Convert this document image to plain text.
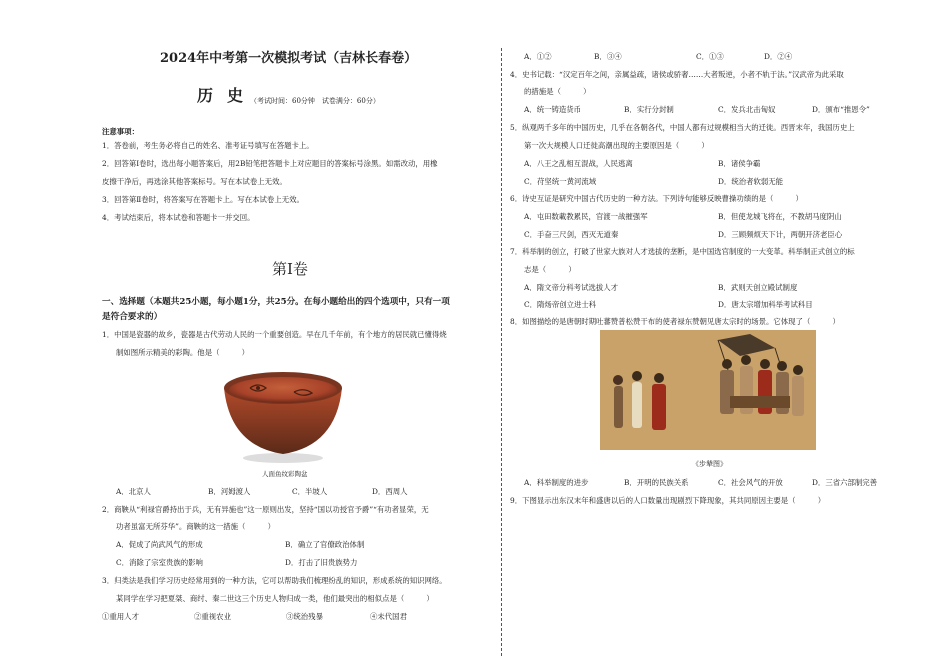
2024年中考第一次模拟考试（吉林长春卷）
历史
（考试时间：60分钟　试卷满分：60分）
注意事项：
1．答卷前，考生务必将自己的姓名、准考证号填写在答题卡上。
2．回答第Ⅰ卷时，选出每小题答案后，用2B铅笔把答题卡上对应题目的答案标号涂黑。如需改动，用橡
皮擦干净后，再选涂其他答案标号。写在本试卷上无效。
3．回答第Ⅱ卷时，将答案写在答题卡上。写在本试卷上无效。
4．考试结束后，将本试卷和答题卡一并交回。
第Ⅰ卷
一、选择题（本题共25小题，每小题1分，共25分。在每小题给出的四个选项中，只有一项
是符合要求的）
1．中国是瓷器的故乡，瓷器是古代劳动人民的一个重要创造。早在几千年前，有个地方的居民就已懂得烧
制如图所示精美的彩陶。他是（　　　）
人面鱼纹彩陶盆
A．北京人	B．河姆渡人	C．半坡人	D．西周人
2．商鞅从“利禄官爵持出于兵，无有异施也”这一原则出发，坚持“国以功授官予爵”“有功者显荣，无
功者虽富无所芬华”。商鞅的这一措施（　　　）
A．促成了尚武风气的形成	B．确立了官僚政治体制
C．消除了宗室贵族的影响	D．打击了旧贵族势力
3．归类法是我们学习历史经常用到的一种方法，它可以帮助我们梳理纷乱的知识，形成系统的知识网络。
某同学在学习把夏桀、商纣、秦二世这三个历史人物归成一类，他们最突出的相似点是（　　　）
①重用人才	②重视农业	③统治残暴	④未代国君
A．①②	B．③④	C．①③	D．②④
4．史书记载：“汉定百年之间，亲属益疏，诸侯或骄奢……大者叛逆，小者不轨于法。”汉武帝为此采取
的措施是（　　　）
A．统一铸造货币	B．实行分封制	C．发兵北击匈奴	D．颁布“推恩令”
5．纵观两千多年的中国历史，几乎在各朝各代，中国人都有过规模相当大的迁徙。西晋末年，我国历史上
第一次大规模人口迁徙高潮出现的主要原因是（　　　）
A．八王之乱相互混战，人民逃离	B．诸侯争霸
C．苻坚统一黄河流域	D．统治者软弱无能
6．诗史互证是研究中国古代历史的一种方法。下列诗句能够反映曹操功绩的是（　　　）
A．屯田数載教累民，官渡一战摧强军	B．但使龙城飞将在，不教胡马度阴山
C．手奋三尺剑，西灭无道秦	D．三顾频烦天下计，两朝开济老臣心
7．科举制的创立，打破了世家大族对人才选拔的垄断，是中国选官制度的一大变革。科举制正式创立的标
志是（　　　）
A．隋文帝分科考试选拔人才	B．武则天创立殿试制度
C．隋炀帝创立进士科	D．唐太宗增加科举考试科目
8．如图描绘的是唐朝时期吐蕃赞普松赞干布的使者禄东赞朝见唐太宗时的场景。它体现了（　　　）
《步辇图》
A．科举制度的进步	B．开明的民族关系	C．社会风气的开放	D．三省六部制完善
9．下图显示出东汉末年和盛唐以后的人口数量出现剧烈下降现象，其共同原因主要是（　　　）
